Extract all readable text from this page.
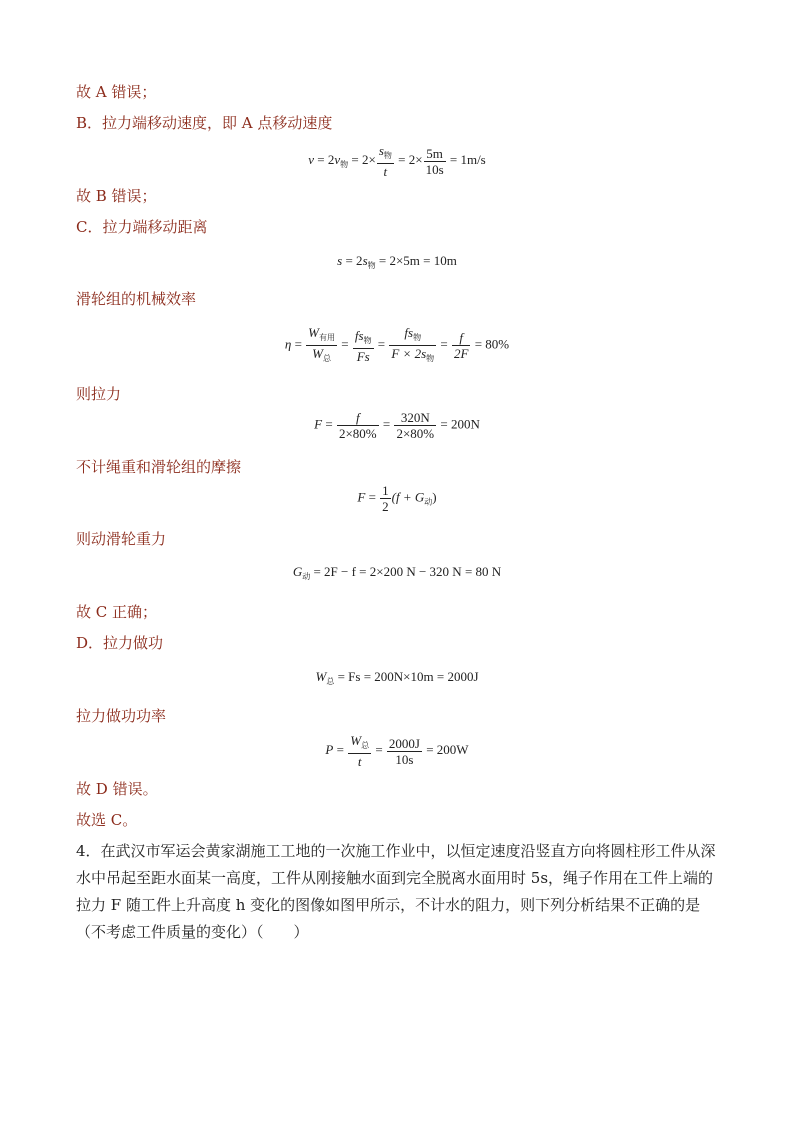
故 A 错误；
B．拉力端移动速度，即 A 点移动速度
$v = 2v_物 = 2\times \frac{s_物}{t} = 2\times \frac{5m}{10s} = 1m/s$
故 B 错误；
C．拉力端移动距离
$s = 2s_物 = 2\times 5m = 10m$
滑轮组的机械效率
$\eta = \frac{W_{有用}}{W_总} = \frac{fs_物}{Fs} = \frac{fs_物}{F \times 2s_物} = \frac{f}{2F} = 80\%$
则拉力
$F = \frac{f}{2\times 80\%} = \frac{320N}{2\times 80\%} = 200N$
不计绳重和滑轮组的摩擦
$F = \frac{1}{2} (f + G_动)$
则动滑轮重力
$G_动 = 2F - f = 2\times 200$ N − 320 N = 80 N
故 C 正确；
D．拉力做功
$W_总 = Fs = 200N\times 10m = 2000J$
拉力做功功率
$P = \frac{W_总}{t} = \frac{2000J}{10s} = 200W$
故 D 错误。
故选 C。
4．在武汉市军运会黄家湖施工工地的一次施工作业中，以恒定速度沿竖直方向将圆柱形工件从深水中吊起至距水面某一高度，工件从刚接触水面到完全脱离水面用时 5s，绳子作用在工件上端的拉力 F 随工件上升高度 h 变化的图像如图甲所示，不计水的阻力，则下列分析结果不正确的是（不考虑工件质量的变化）（　　）
